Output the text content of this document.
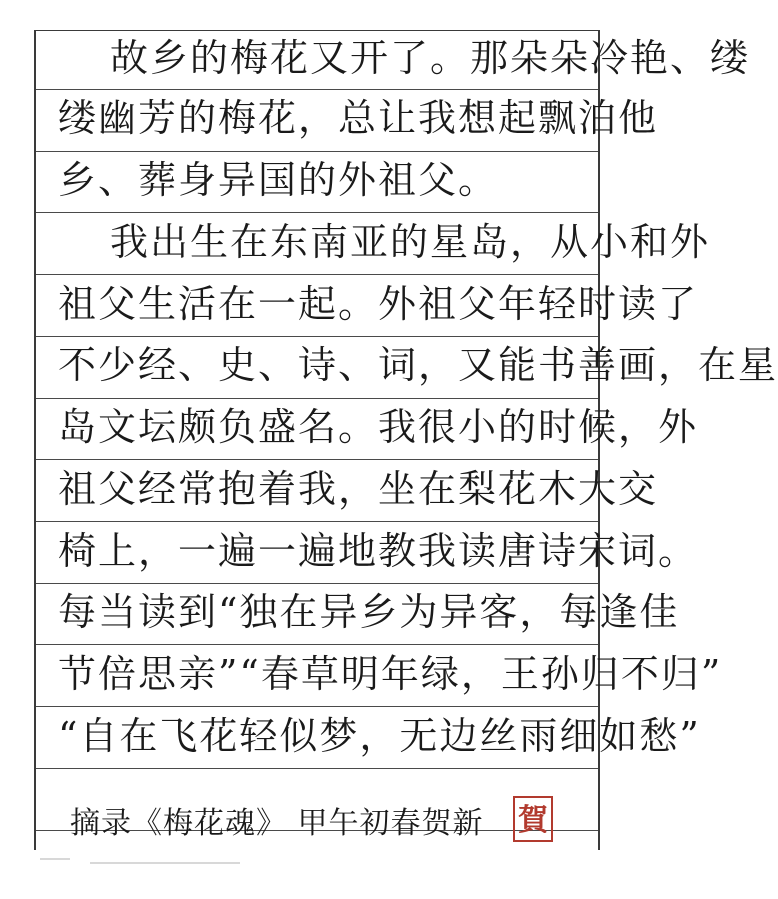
故乡的梅花又开了。那朵朵冷艳、缕
缕幽芳的梅花，总让我想起飘泊他
乡、葬身异国的外祖父。
我出生在东南亚的星岛，从小和外
祖父生活在一起。外祖父年轻时读了
不少经、史、诗、词，又能书善画，在星
岛文坛颇负盛名。我很小的时候，外
祖父经常抱着我，坐在梨花木大交
椅上，一遍一遍地教我读唐诗宋词。
每当读到“独在异乡为异客，每逢佳
节倍思亲”“春草明年绿，王孙归不归”
“自在飞花轻似梦，无边丝雨细如愁”
摘录《梅花魂》 甲午初春贺新 賀
